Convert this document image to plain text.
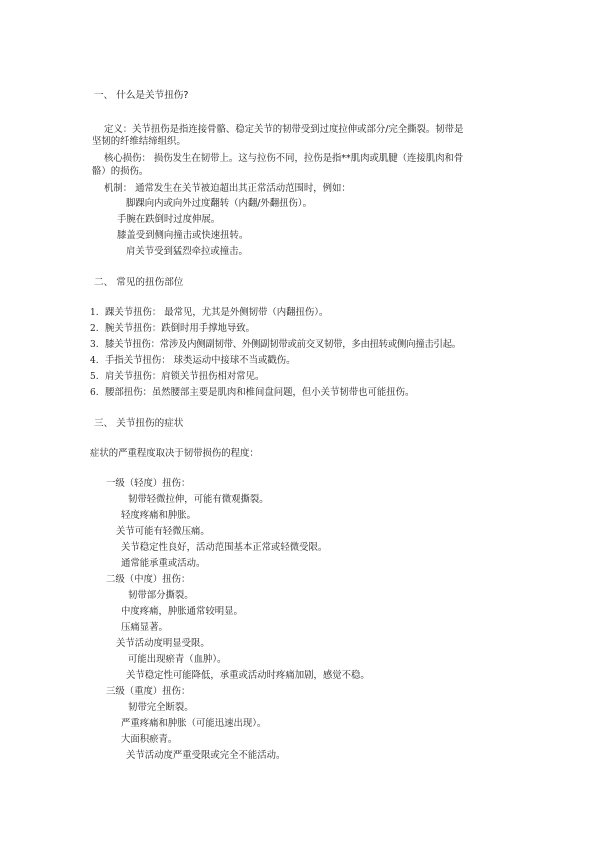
一、 什么是关节扭伤?
定义：关节扭伤是指连接骨骼、稳定关节的韧带受到过度拉伸或部分/完全撕裂。韧带是
坚韧的纤维结缔组织。
核心损伤： 损伤发生在韧带上。这与拉伤不同，拉伤是指**肌肉或肌腱（连接肌肉和骨
骼）的损伤。
机制： 通常发生在关节被迫超出其正常活动范围时，例如：
脚踝向内或向外过度翻转（内翻/外翻扭伤）。
手腕在跌倒时过度伸展。
膝盖受到侧向撞击或快速扭转。
肩关节受到猛烈牵拉或撞击。
二、 常见的扭伤部位
1. 踝关节扭伤： 最常见，尤其是外侧韧带（内翻扭伤）。
2. 腕关节扭伤：跌倒时用手撑地导致。
3. 膝关节扭伤：常涉及内侧副韧带、外侧副韧带或前交叉韧带，多由扭转或侧向撞击引起。
4. 手指关节扭伤： 球类运动中接球不当或戳伤。
5. 肩关节扭伤：肩锁关节扭伤相对常见。
6. 腰部扭伤：虽然腰部主要是肌肉和椎间盘问题，但小关节韧带也可能扭伤。
三、 关节扭伤的症状
症状的严重程度取决于韧带损伤的程度：
一级（轻度）扭伤：
韧带轻微拉伸，可能有微观撕裂。
轻度疼痛和肿胀。
关节可能有轻微压痛。
关节稳定性良好，活动范围基本正常或轻微受限。
通常能承重或活动。
二级（中度）扭伤：
韧带部分撕裂。
中度疼痛，肿胀通常较明显。
压痛显著。
关节活动度明显受限。
可能出现瘀青（血肿）。
关节稳定性可能降低，承重或活动时疼痛加剧，感觉不稳。
三级（重度）扭伤：
韧带完全断裂。
严重疼痛和肿胀（可能迅速出现）。
大面积瘀青。
关节活动度严重受限或完全不能活动。
